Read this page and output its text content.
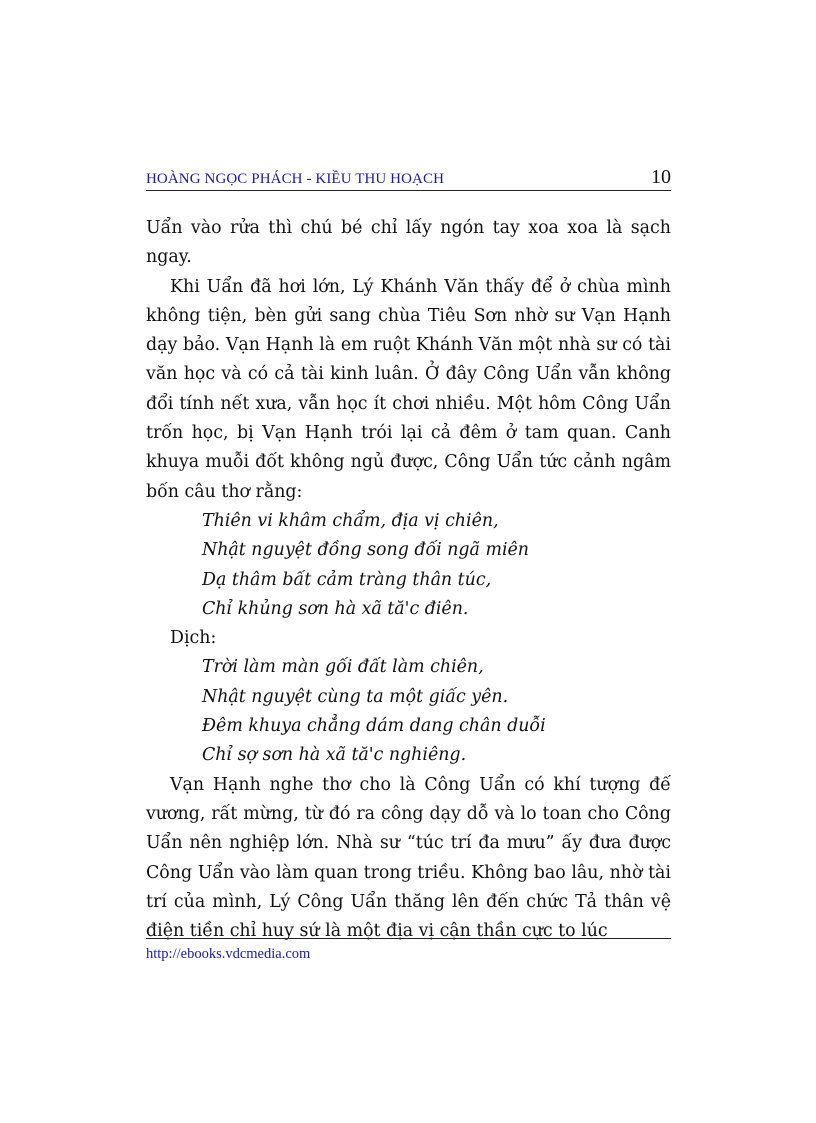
HOÀNG NGỌC PHÁCH - KIỀU THU HOẠCH	10

Uẩn vào rửa thì chú bé chỉ lấy ngón tay xoa xoa là sạch ngay.

Khi Uẩn đã hơi lớn, Lý Khánh Văn thấy để ở chùa mình không tiện, bèn gửi sang chùa Tiêu Sơn nhờ sư Vạn Hạnh dạy bảo. Vạn Hạnh là em ruột Khánh Văn một nhà sư có tài văn học và có cả tài kinh luân. Ở đây Công Uẩn vẫn không đổi tính nết xưa, vẫn học ít chơi nhiều. Một hôm Công Uẩn trốn học, bị Vạn Hạnh trói lại cả đêm ở tam quan. Canh khuya muỗi đốt không ngủ được, Công Uẩn tức cảnh ngâm bốn câu thơ rằng:

Thiên vi khâm chẩm, địa vị chiên,

Nhật nguyệt đồng song đối ngã miên

Dạ thâm bất cảm tràng thân túc,

Chỉ khủng sơn hà xã tă'c điên.

Dịch:

Trời làm màn gối đất làm chiên,

Nhật nguyệt cùng ta một giấc yên.

Đêm khuya chẳng dám dang chân duỗi

Chỉ sợ sơn hà xã tă'c nghiêng.

Vạn Hạnh nghe thơ cho là Công Uẩn có khí tượng đế vương, rất mừng, từ đó ra công dạy dỗ và lo toan cho Công Uẩn nên nghiệp lớn. Nhà sư “túc trí đa mưu” ấy đưa được Công Uẩn vào làm quan trong triều. Không bao lâu, nhờ tài trí của mình, Lý Công Uẩn thăng lên đến chức Tả thân vệ điện tiền chỉ huy sứ là một địa vị cận thần cực to lúc

http://ebooks.vdcmedia.com
